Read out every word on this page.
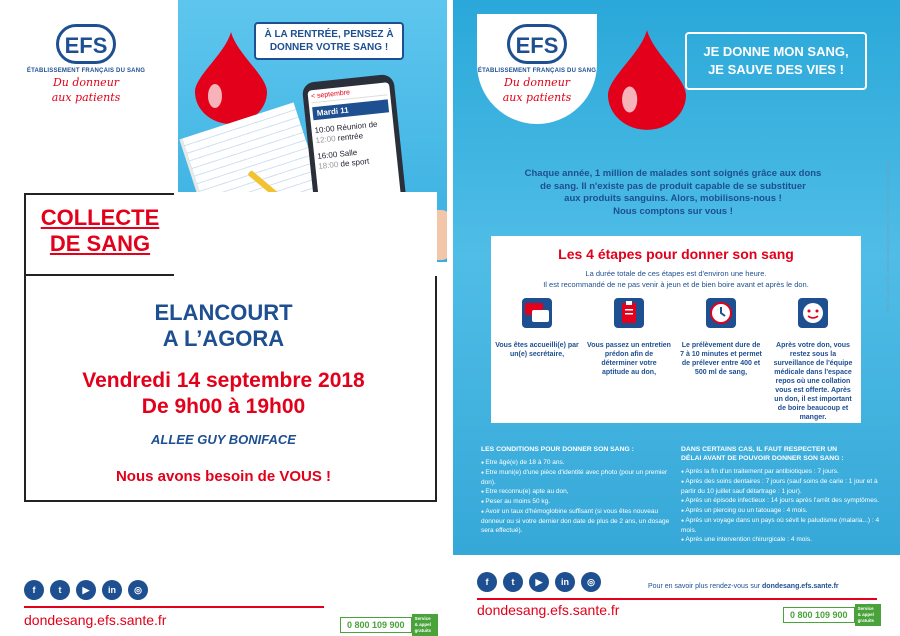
EFS
ÉTABLISSEMENT FRANÇAIS DU SANG
Du donneur
aux patients
À LA RENTRÉE, PENSEZ À
DONNER VOTRE SANG !
< septembre
Mardi 11
10:00 Réunion de
12:00 rentrée
16:00 Salle
18:00 de sport
COLLECTE
DE SANG
ELANCOURT
A L’AGORA
Vendredi 14 septembre 2018
De 9h00 à 19h00
ALLEE GUY BONIFACE
Nous avons besoin de VOUS !
f	t	▶	in	◎
dondesang.efs.sante.fr	0 800 109 900
Service & appel gratuits
EFS
ÉTABLISSEMENT FRANÇAIS DU SANG
Du donneur
aux patients
JE DONNE MON SANG,
JE SAUVE DES VIES !
Chaque année, 1 million de malades sont soignés grâce aux dons
de sang. Il n'existe pas de produit capable de se substituer
aux produits sanguins. Alors, mobilisons-nous !
Nous comptons sur vous !
Les 4 étapes pour donner son sang
La durée totale de ces étapes est d'environ une heure.
Il est recommandé de ne pas venir à jeun et de bien boire avant et après le don.
Vous êtes accueilli(e) par un(e) secrétaire,
Vous passez un entretien prédon afin de déterminer votre aptitude au don,
Le prélèvement dure de 7 à 10 minutes et permet de prélever entre 400 et 500 ml de sang,
Après votre don, vous restez sous la surveillance de l'équipe médicale dans l'espace repos où une collation vous est offerte. Après un don, il est important de boire beaucoup et manger.
LES CONDITIONS POUR DONNER SON SANG :
● Etre âgé(e) de 18 à 70 ans.
● Etre muni(e) d'une pièce d'identité avec photo (pour un premier don).
● Etre reconnu(e) apte au don,
● Peser au moins 50 kg.
● Avoir un taux d'hémoglobine suffisant (si vous êtes nouveau donneur ou si votre dernier don date de plus de 2 ans, un dosage sera effectué).
DANS CERTAINS CAS, IL FAUT RESPECTER UN
DÉLAI AVANT DE POUVOIR DONNER SON SANG :
● Après la fin d'un traitement par antibiotiques : 7 jours.
● Après des soins dentaires : 7 jours (sauf soins de carie : 1 jour et à partir du 10 juillet sauf détartrage : 1 jour).
● Après un épisode infectieux : 14 jours après l'arrêt des symptômes.
● Après un piercing ou un tatouage : 4 mois.
● Après un voyage dans un pays où sévit le paludisme (malaria...) : 4 mois.
● Après une intervention chirurgicale : 4 mois.
Flyer A5 – août 2018 – www.dondesang.efs.sante.fr – ne pas jeter sur la voie publique
f	t	▶	in	◎	Pour en savoir plus rendez-vous sur dondesang.efs.sante.fr
dondesang.efs.sante.fr	0 800 109 900
Service & appel gratuits
